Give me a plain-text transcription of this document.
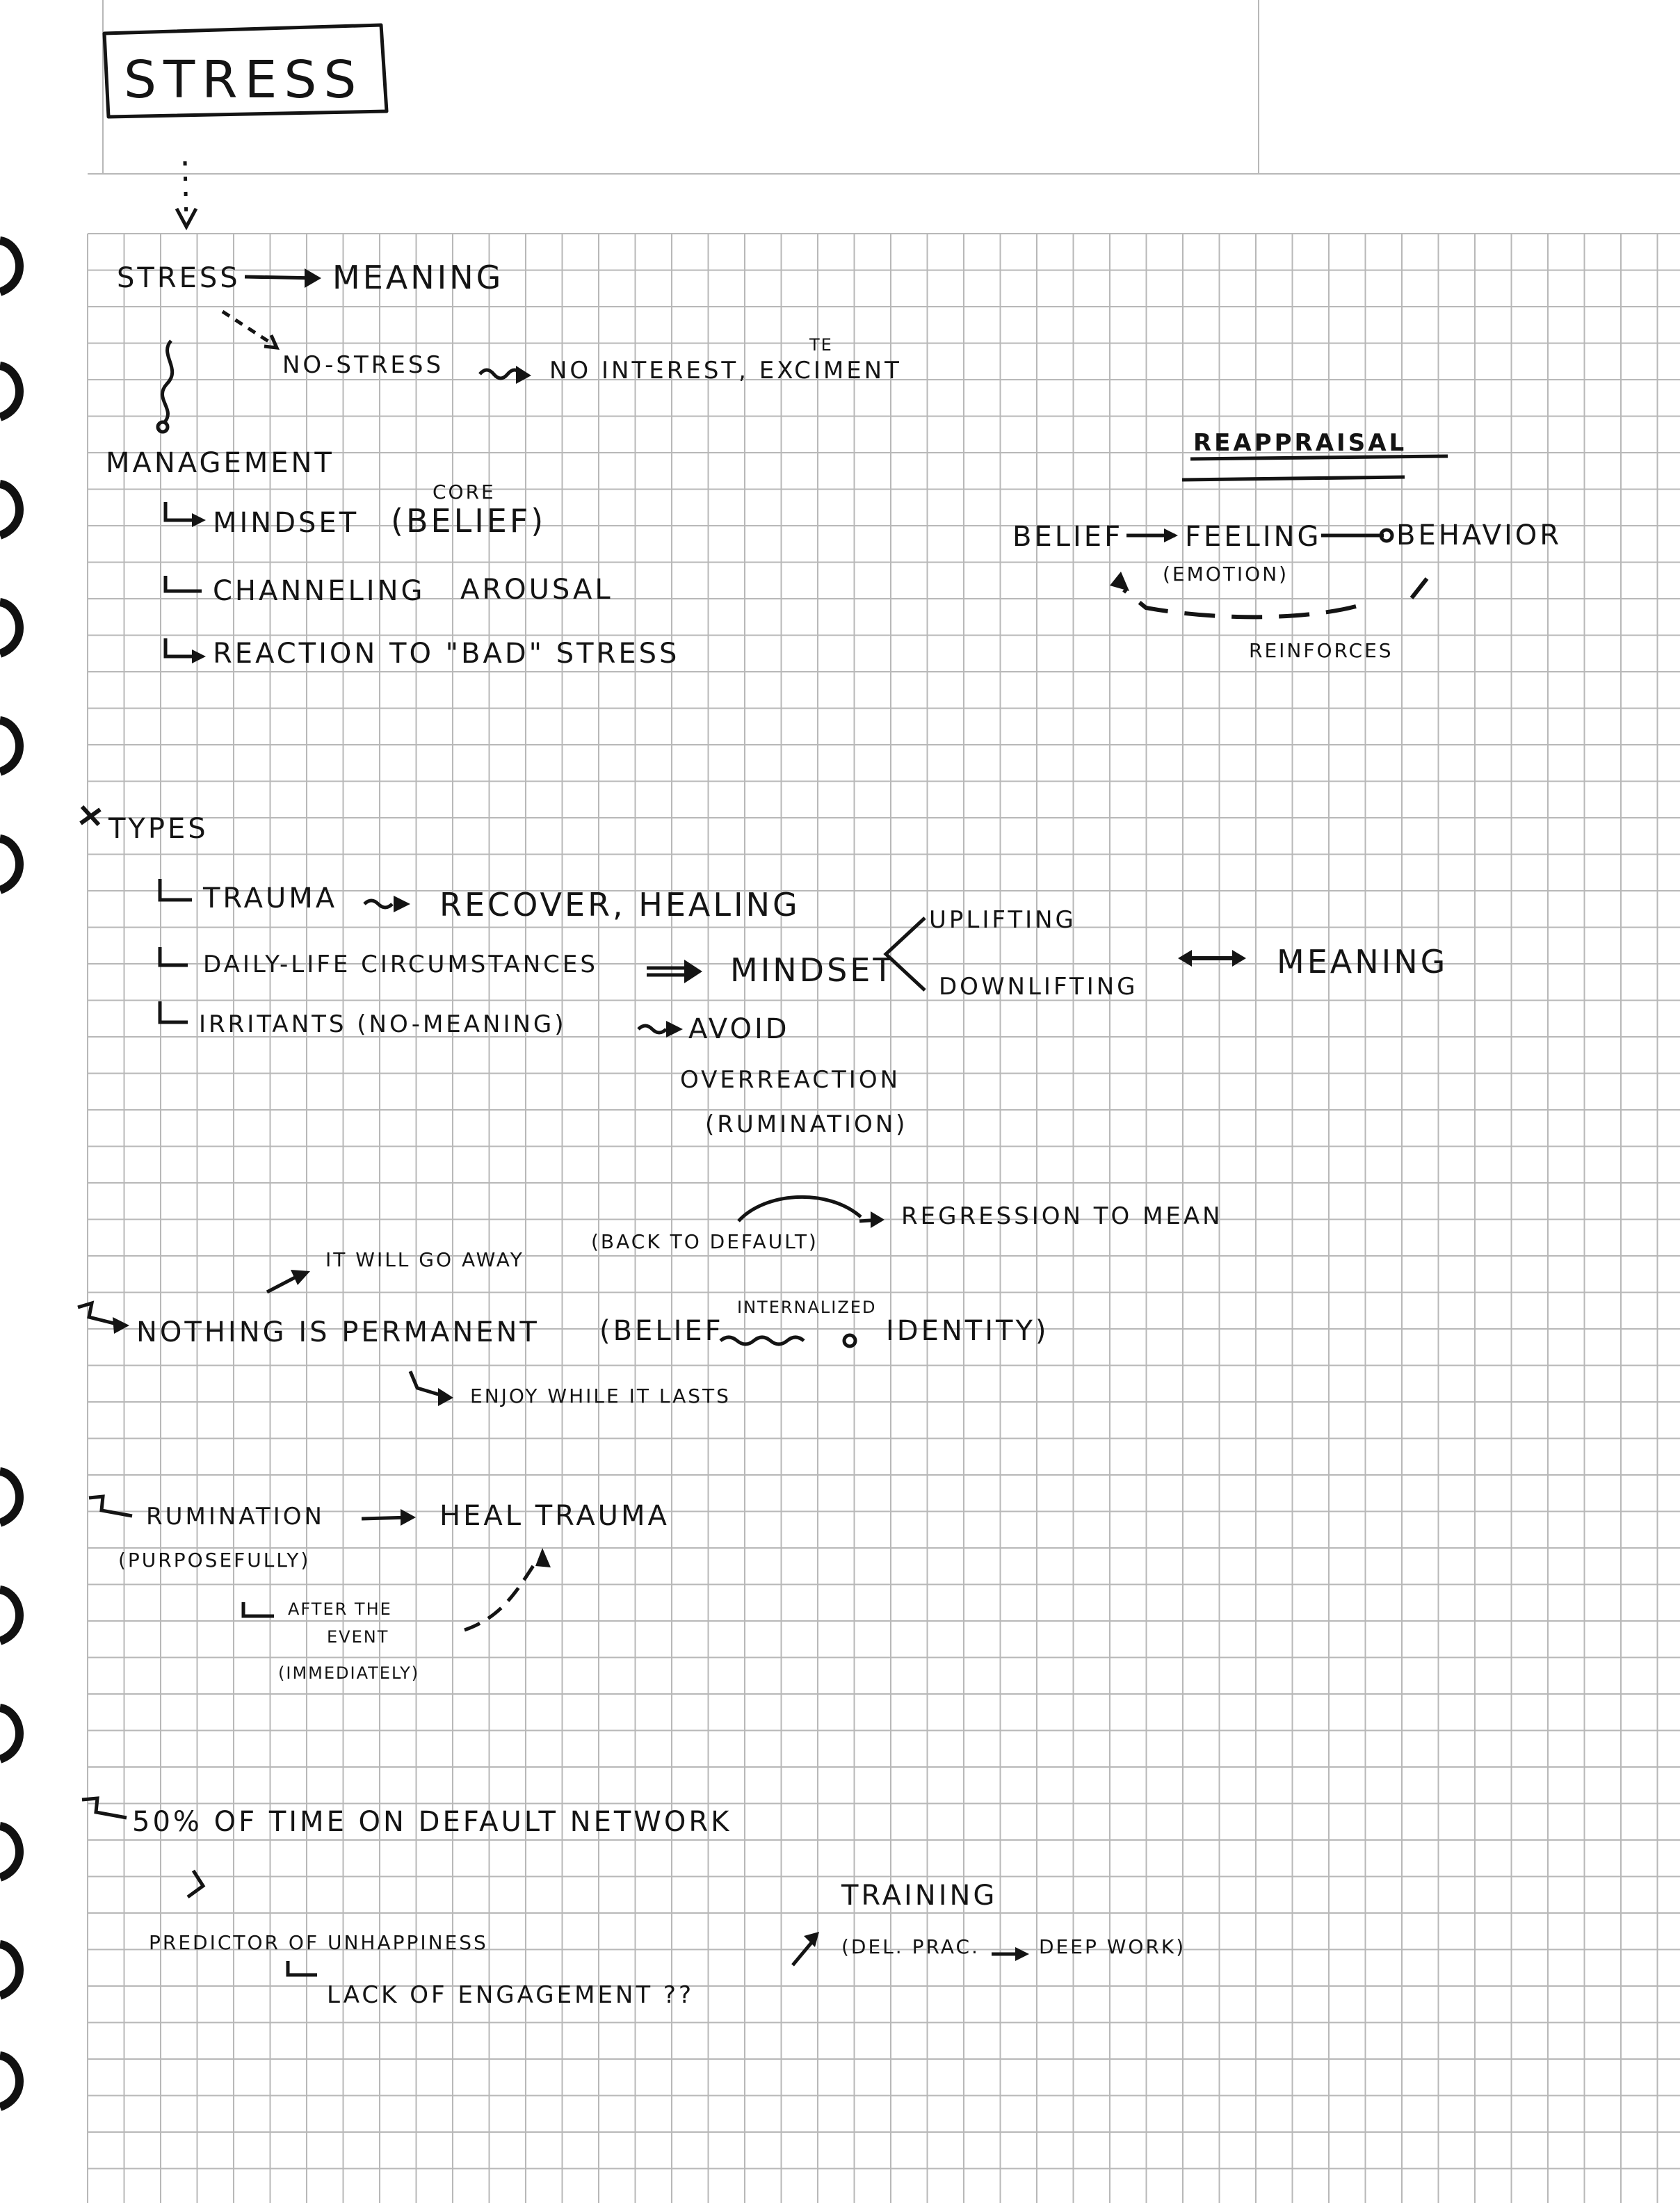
STRESS
STRESS	MEANING
NO-STRESS	NO INTEREST, EXCIMENT
TE
MANAGEMENT
MINDSET
CORE
(BELIEF)
CHANNELING AROUSAL
REACTION TO "BAD" STRESS
REAPPRAISAL
BELIEF FEELING	BEHAVIOR
(EMOTION)
REINFORCES
TYPES
TRAUMA	RECOVER, HEALING
DAILY-LIFE CIRCUMSTANCES	MINDSET
UPLIFTING
DOWNLIFTING
MEANING
IRRITANTS (NO-MEANING)	AVOID
OVERREACTION
(RUMINATION)
IT WILL GO AWAY
(BACK TO DEFAULT)
REGRESSION TO MEAN
NOTHING IS PERMANENT (BELIEF
INTERNALIZED
IDENTITY)
ENJOY WHILE IT LASTS
RUMINATION	HEAL TRAUMA
(PURPOSEFULLY)
AFTER THE
EVENT
(IMMEDIATELY)
50% OF TIME ON DEFAULT NETWORK
PREDICTOR OF UNHAPPINESS
LACK OF ENGAGEMENT ??
TRAINING
(DEL. PRAC.	DEEP WORK)
